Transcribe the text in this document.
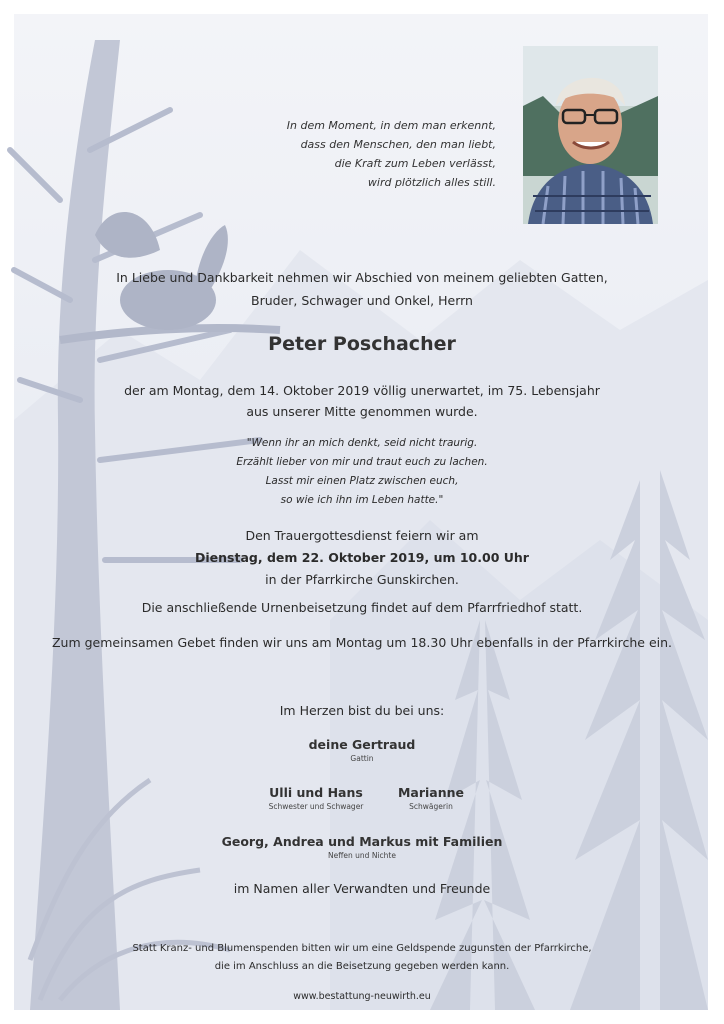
In dem Moment, in dem man erkennt,
dass den Menschen, den man liebt,
die Kraft zum Leben verlässt,
wird plötzlich alles still.
In Liebe und Dankbarkeit nehmen wir Abschied von meinem geliebten Gatten,
Bruder, Schwager und Onkel, Herrn
Peter Poschacher
der am Montag, dem 14. Oktober 2019 völlig unerwartet, im 75. Lebensjahr
aus unserer Mitte genommen wurde.
"Wenn ihr an mich denkt, seid nicht traurig.
Erzählt lieber von mir und traut euch zu lachen.
Lasst mir einen Platz zwischen euch,
so wie ich ihn im Leben hatte."
Den Trauergottesdienst feiern wir am
Dienstag, dem 22. Oktober 2019, um 10.00 Uhr
in der Pfarrkirche Gunskirchen.
Die anschließende Urnenbeisetzung findet auf dem Pfarrfriedhof statt.
Zum gemeinsamen Gebet finden wir uns am Montag um 18.30 Uhr ebenfalls in der Pfarrkirche ein.
Im Herzen bist du bei uns:
deine Gertraud
Gattin
Ulli und Hans
Schwester und Schwager
Marianne
Schwägerin
Georg, Andrea und Markus mit Familien
Neffen und Nichte
im Namen aller Verwandten und Freunde
Statt Kranz- und Blumenspenden bitten wir um eine Geldspende zugunsten der Pfarrkirche,
die im Anschluss an die Beisetzung gegeben werden kann.
www.bestattung-neuwirth.eu
